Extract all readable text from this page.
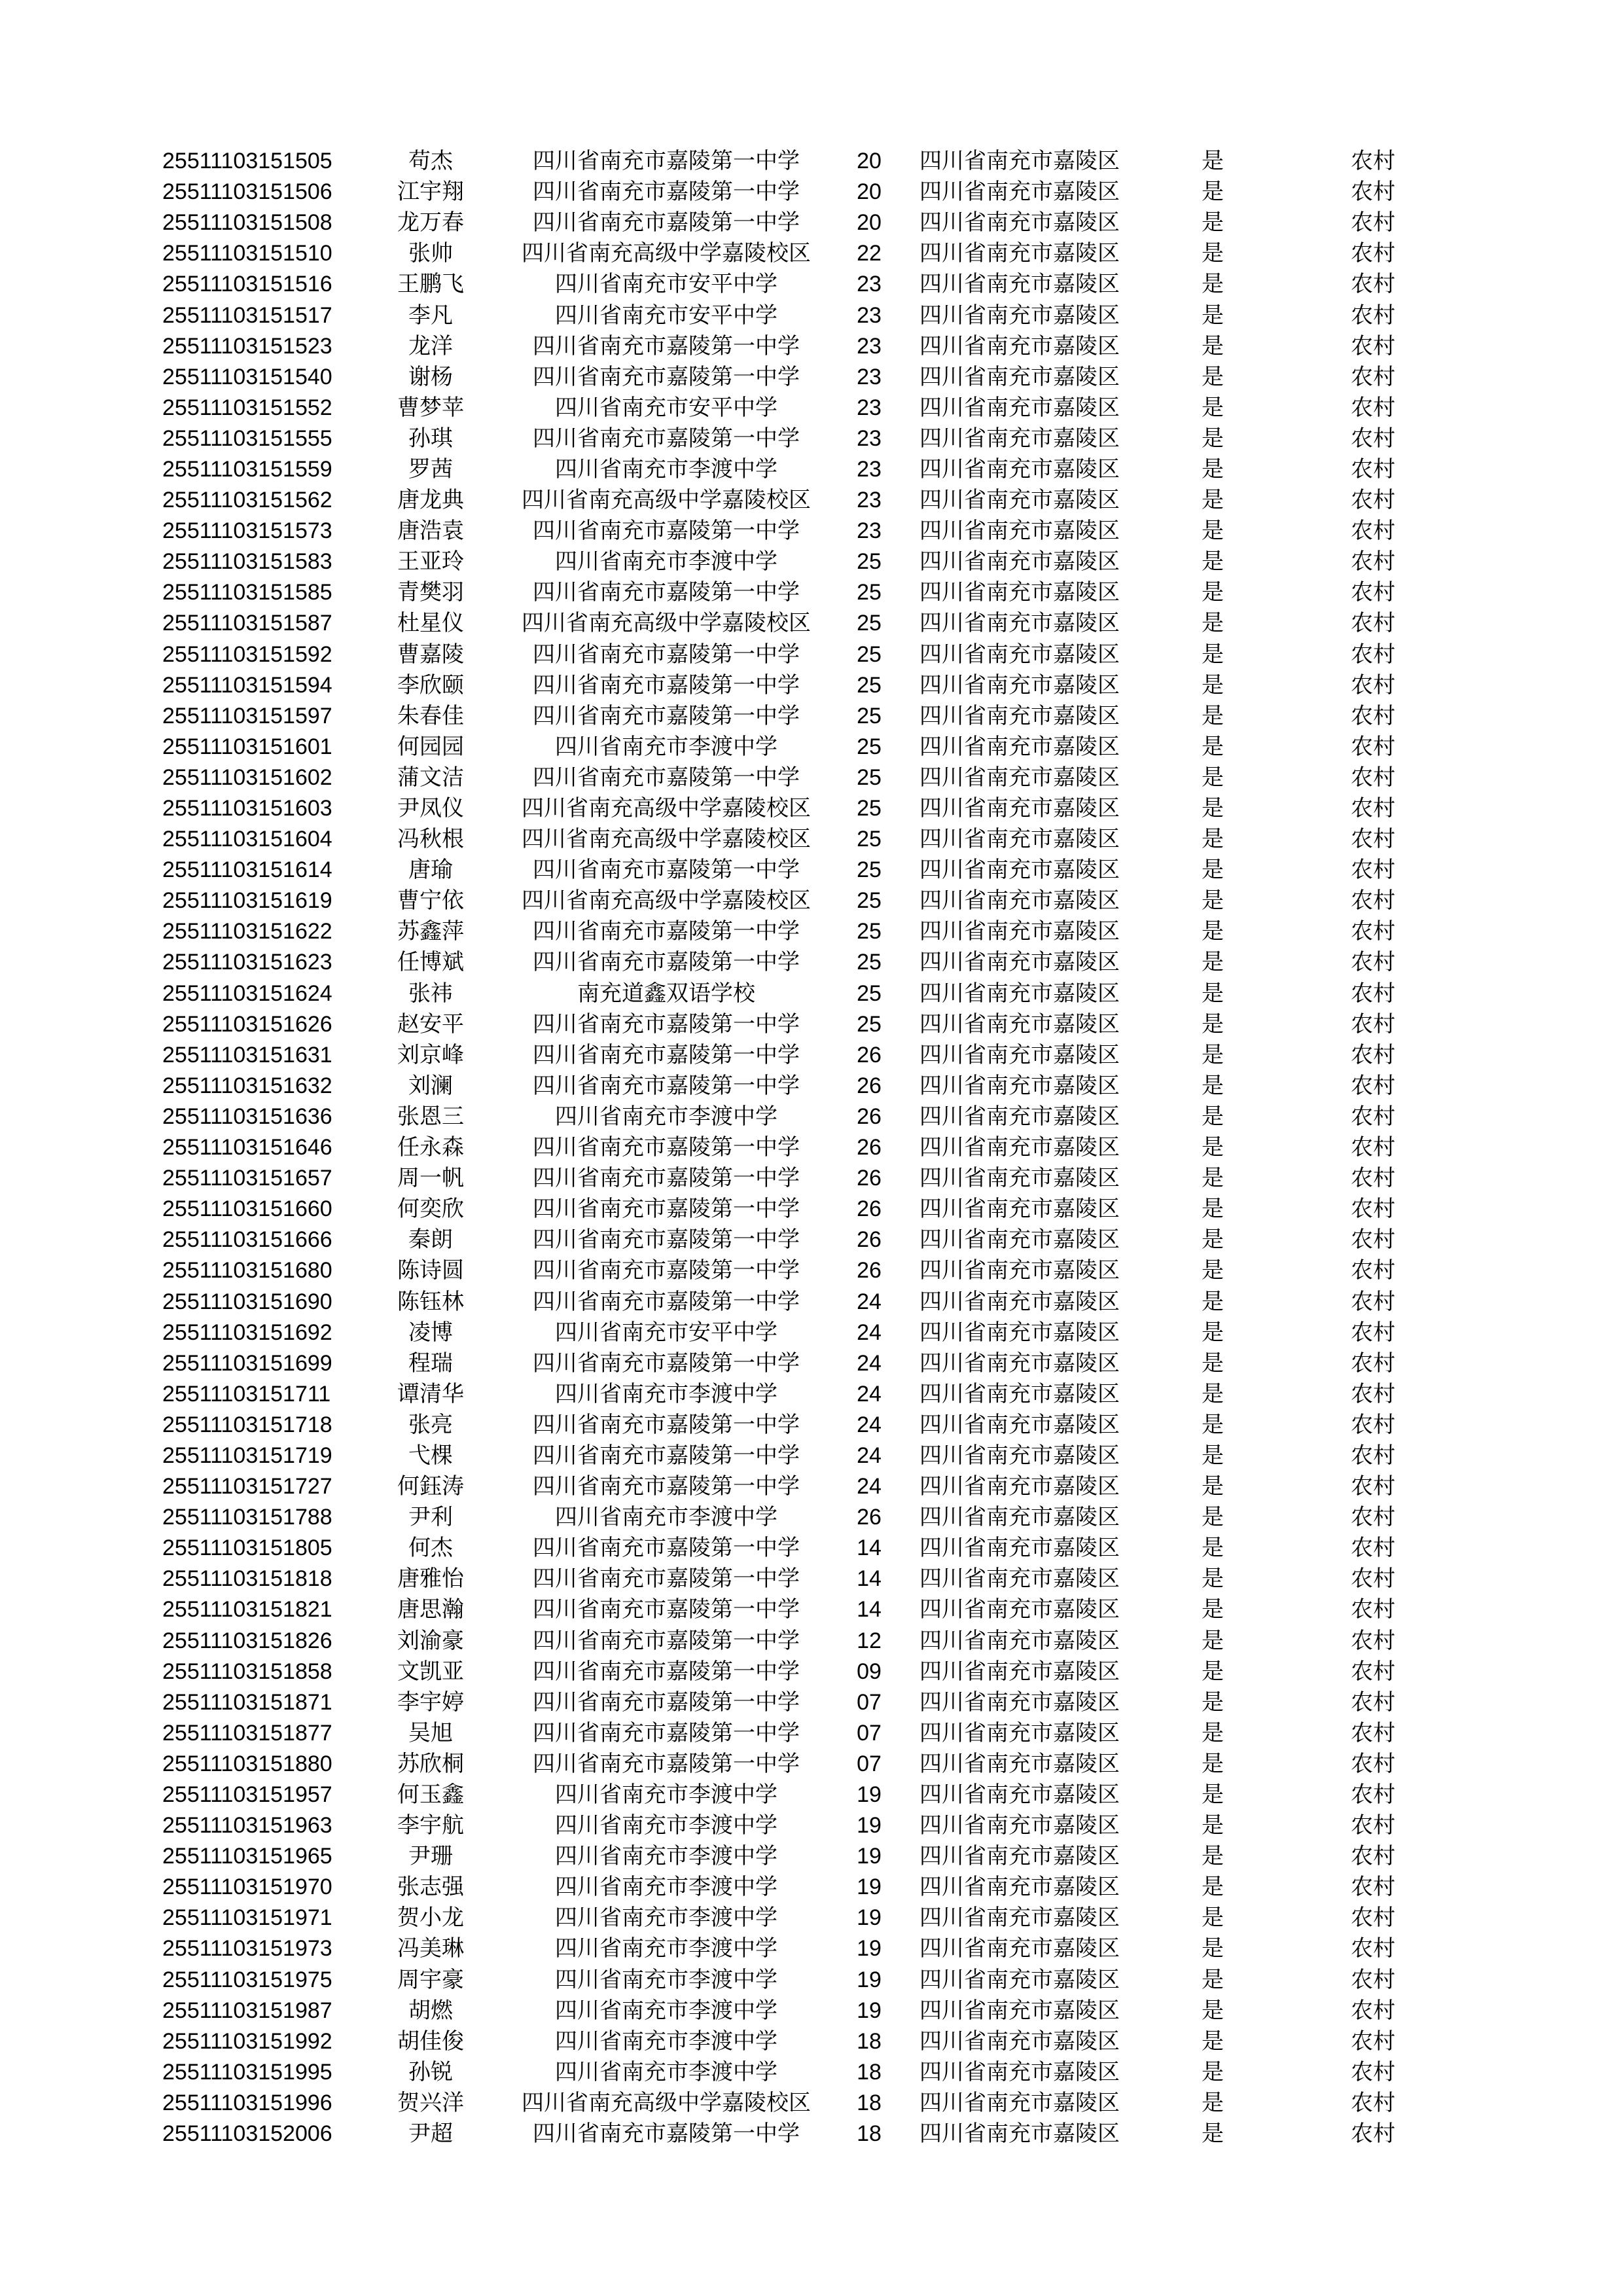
25511103151505	苟杰	四川省南充市嘉陵第一中学	20	四川省南充市嘉陵区	是	农村
25511103151506	江宇翔	四川省南充市嘉陵第一中学	20	四川省南充市嘉陵区	是	农村
25511103151508	龙万春	四川省南充市嘉陵第一中学	20	四川省南充市嘉陵区	是	农村
25511103151510	张帅	四川省南充高级中学嘉陵校区	22	四川省南充市嘉陵区	是	农村
25511103151516	王鹏飞	四川省南充市安平中学	23	四川省南充市嘉陵区	是	农村
25511103151517	李凡	四川省南充市安平中学	23	四川省南充市嘉陵区	是	农村
25511103151523	龙洋	四川省南充市嘉陵第一中学	23	四川省南充市嘉陵区	是	农村
25511103151540	谢杨	四川省南充市嘉陵第一中学	23	四川省南充市嘉陵区	是	农村
25511103151552	曹梦苹	四川省南充市安平中学	23	四川省南充市嘉陵区	是	农村
25511103151555	孙琪	四川省南充市嘉陵第一中学	23	四川省南充市嘉陵区	是	农村
25511103151559	罗茜	四川省南充市李渡中学	23	四川省南充市嘉陵区	是	农村
25511103151562	唐龙典	四川省南充高级中学嘉陵校区	23	四川省南充市嘉陵区	是	农村
25511103151573	唐浩袁	四川省南充市嘉陵第一中学	23	四川省南充市嘉陵区	是	农村
25511103151583	王亚玲	四川省南充市李渡中学	25	四川省南充市嘉陵区	是	农村
25511103151585	青樊羽	四川省南充市嘉陵第一中学	25	四川省南充市嘉陵区	是	农村
25511103151587	杜星仪	四川省南充高级中学嘉陵校区	25	四川省南充市嘉陵区	是	农村
25511103151592	曹嘉陵	四川省南充市嘉陵第一中学	25	四川省南充市嘉陵区	是	农村
25511103151594	李欣颐	四川省南充市嘉陵第一中学	25	四川省南充市嘉陵区	是	农村
25511103151597	朱春佳	四川省南充市嘉陵第一中学	25	四川省南充市嘉陵区	是	农村
25511103151601	何园园	四川省南充市李渡中学	25	四川省南充市嘉陵区	是	农村
25511103151602	蒲文洁	四川省南充市嘉陵第一中学	25	四川省南充市嘉陵区	是	农村
25511103151603	尹凤仪	四川省南充高级中学嘉陵校区	25	四川省南充市嘉陵区	是	农村
25511103151604	冯秋根	四川省南充高级中学嘉陵校区	25	四川省南充市嘉陵区	是	农村
25511103151614	唐瑜	四川省南充市嘉陵第一中学	25	四川省南充市嘉陵区	是	农村
25511103151619	曹宁依	四川省南充高级中学嘉陵校区	25	四川省南充市嘉陵区	是	农村
25511103151622	苏鑫萍	四川省南充市嘉陵第一中学	25	四川省南充市嘉陵区	是	农村
25511103151623	任博斌	四川省南充市嘉陵第一中学	25	四川省南充市嘉陵区	是	农村
25511103151624	张祎	南充道鑫双语学校	25	四川省南充市嘉陵区	是	农村
25511103151626	赵安平	四川省南充市嘉陵第一中学	25	四川省南充市嘉陵区	是	农村
25511103151631	刘京峰	四川省南充市嘉陵第一中学	26	四川省南充市嘉陵区	是	农村
25511103151632	刘澜	四川省南充市嘉陵第一中学	26	四川省南充市嘉陵区	是	农村
25511103151636	张恩三	四川省南充市李渡中学	26	四川省南充市嘉陵区	是	农村
25511103151646	任永森	四川省南充市嘉陵第一中学	26	四川省南充市嘉陵区	是	农村
25511103151657	周一帆	四川省南充市嘉陵第一中学	26	四川省南充市嘉陵区	是	农村
25511103151660	何奕欣	四川省南充市嘉陵第一中学	26	四川省南充市嘉陵区	是	农村
25511103151666	秦朗	四川省南充市嘉陵第一中学	26	四川省南充市嘉陵区	是	农村
25511103151680	陈诗圆	四川省南充市嘉陵第一中学	26	四川省南充市嘉陵区	是	农村
25511103151690	陈钰林	四川省南充市嘉陵第一中学	24	四川省南充市嘉陵区	是	农村
25511103151692	凌博	四川省南充市安平中学	24	四川省南充市嘉陵区	是	农村
25511103151699	程瑞	四川省南充市嘉陵第一中学	24	四川省南充市嘉陵区	是	农村
25511103151711	谭清华	四川省南充市李渡中学	24	四川省南充市嘉陵区	是	农村
25511103151718	张亮	四川省南充市嘉陵第一中学	24	四川省南充市嘉陵区	是	农村
25511103151719	弋棵	四川省南充市嘉陵第一中学	24	四川省南充市嘉陵区	是	农村
25511103151727	何鈺涛	四川省南充市嘉陵第一中学	24	四川省南充市嘉陵区	是	农村
25511103151788	尹利	四川省南充市李渡中学	26	四川省南充市嘉陵区	是	农村
25511103151805	何杰	四川省南充市嘉陵第一中学	14	四川省南充市嘉陵区	是	农村
25511103151818	唐雅怡	四川省南充市嘉陵第一中学	14	四川省南充市嘉陵区	是	农村
25511103151821	唐思瀚	四川省南充市嘉陵第一中学	14	四川省南充市嘉陵区	是	农村
25511103151826	刘渝豪	四川省南充市嘉陵第一中学	12	四川省南充市嘉陵区	是	农村
25511103151858	文凯亚	四川省南充市嘉陵第一中学	09	四川省南充市嘉陵区	是	农村
25511103151871	李宇婷	四川省南充市嘉陵第一中学	07	四川省南充市嘉陵区	是	农村
25511103151877	吴旭	四川省南充市嘉陵第一中学	07	四川省南充市嘉陵区	是	农村
25511103151880	苏欣桐	四川省南充市嘉陵第一中学	07	四川省南充市嘉陵区	是	农村
25511103151957	何玉鑫	四川省南充市李渡中学	19	四川省南充市嘉陵区	是	农村
25511103151963	李宇航	四川省南充市李渡中学	19	四川省南充市嘉陵区	是	农村
25511103151965	尹珊	四川省南充市李渡中学	19	四川省南充市嘉陵区	是	农村
25511103151970	张志强	四川省南充市李渡中学	19	四川省南充市嘉陵区	是	农村
25511103151971	贺小龙	四川省南充市李渡中学	19	四川省南充市嘉陵区	是	农村
25511103151973	冯美琳	四川省南充市李渡中学	19	四川省南充市嘉陵区	是	农村
25511103151975	周宇豪	四川省南充市李渡中学	19	四川省南充市嘉陵区	是	农村
25511103151987	胡燃	四川省南充市李渡中学	19	四川省南充市嘉陵区	是	农村
25511103151992	胡佳俊	四川省南充市李渡中学	18	四川省南充市嘉陵区	是	农村
25511103151995	孙锐	四川省南充市李渡中学	18	四川省南充市嘉陵区	是	农村
25511103151996	贺兴洋	四川省南充高级中学嘉陵校区	18	四川省南充市嘉陵区	是	农村
25511103152006	尹超	四川省南充市嘉陵第一中学	18	四川省南充市嘉陵区	是	农村
